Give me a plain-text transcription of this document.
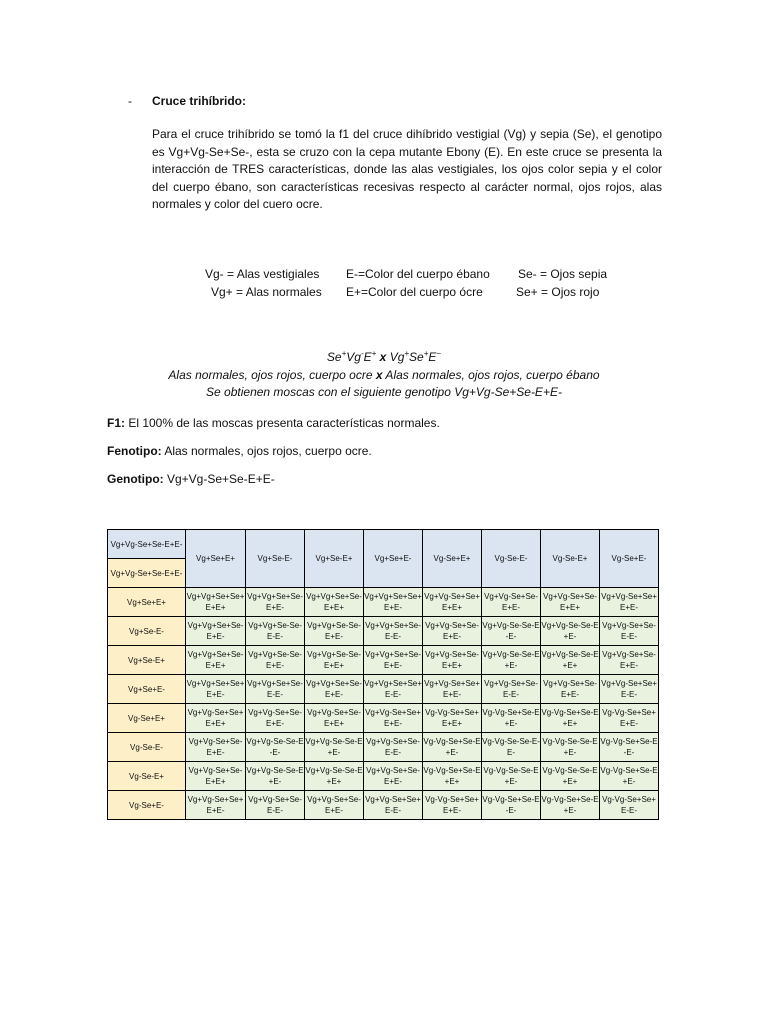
- Cruce trihíbrido:
Para el cruce trihíbrido se tomó la f1 del cruce dihíbrido vestigial (Vg) y sepia (Se), el genotipo es Vg+Vg-Se+Se-, esta se cruzo con la cepa mutante Ebony (E). En este cruce se presenta la interacción de TRES características, donde las alas vestigiales, los ojos color sepia y el color del cuerpo ébano, son características recesivas respecto al carácter normal, ojos rojos, alas normales y color del cuero ocre.
Vg- = Alas vestigiales
Vg+ = Alas normales
E-=Color del cuerpo ébano
E+=Color del cuerpo ócre
Se- = Ojos sepia
Se+ = Ojos rojo
Se+Vg-E+ x Vg+Se+E−
Alas normales, ojos rojos, cuerpo ocre x Alas normales, ojos rojos, cuerpo ébano
Se obtienen moscas con el siguiente genotipo Vg+Vg-Se+Se-E+E-
F1: El 100% de las moscas presenta características normales.
Fenotipo: Alas normales, ojos rojos, cuerpo ocre.
Genotipo: Vg+Vg-Se+Se-E+E-
Vg+Vg-Se+Se-E+E-	Vg+Se+E+	Vg+Se-E-	Vg+Se-E+	Vg+Se+E-	Vg-Se+E+	Vg-Se-E-	Vg-Se-E+	Vg-Se+E-
Vg+Vg-Se+Se-E+E-								
Vg+Se+E+	Vg+Vg+Se+Se+E+E+	Vg+Vg+Se+Se-E+E-	Vg+Vg+Se+Se-E+E+	Vg+Vg+Se+Se+E+E-	Vg+Vg-Se+Se+E+E+	Vg+Vg-Se+Se-E+E-	Vg+Vg-Se+Se-E+E+	Vg+Vg-Se+Se+E+E-
Vg+Se-E-	Vg+Vg+Se+Se-E+E-	Vg+Vg+Se-Se-E-E-	Vg+Vg+Se-Se-E+E-	Vg+Vg+Se+Se-E-E-	Vg+Vg-Se+Se-E+E-	Vg+Vg-Se-Se-E-E-	Vg+Vg-Se-Se-E+E-	Vg+Vg-Se+Se-E-E-
Vg+Se-E+	Vg+Vg+Se+Se-E+E+	Vg+Vg+Se-Se-E+E-	Vg+Vg+Se-Se-E+E+	Vg+Vg+Se+Se-E+E-	Vg+Vg-Se+Se-E+E+	Vg+Vg-Se-Se-E+E-	Vg+Vg-Se-Se-E+E+	Vg+Vg-Se+Se-E+E-
Vg+Se+E-	Vg+Vg+Se+Se+E+E-	Vg+Vg+Se+Se-E-E-	Vg+Vg+Se+Se-E+E-	Vg+Vg+Se+Se+E-E-	Vg+Vg-Se+Se+E+E-	Vg+Vg-Se+Se-E-E-	Vg+Vg-Se+Se-E+E-	Vg+Vg-Se+Se+E-E-
Vg-Se+E+	Vg+Vg-Se+Se+E+E+	Vg+Vg-Se+Se-E+E-	Vg+Vg-Se+Se-E+E+	Vg+Vg-Se+Se+E+E-	Vg-Vg-Se+Se+E+E+	Vg-Vg-Se+Se-E+E-	Vg-Vg-Se+Se-E+E+	Vg-Vg-Se+Se+E+E-
Vg-Se-E-	Vg+Vg-Se+Se-E+E-	Vg+Vg-Se-Se-E-E-	Vg+Vg-Se-Se-E+E-	Vg+Vg-Se+Se-E-E-	Vg-Vg-Se+Se-E+E-	Vg-Vg-Se-Se-E-E-	Vg-Vg-Se-Se-E+E-	Vg-Vg-Se+Se-E-E-
Vg-Se-E+	Vg+Vg-Se+Se-E+E+	Vg+Vg-Se-Se-E+E-	Vg+Vg-Se-Se-E+E+	Vg+Vg-Se+Se-E+E-	Vg-Vg-Se+Se-E+E+	Vg-Vg-Se-Se-E+E-	Vg-Vg-Se-Se-E+E+	Vg-Vg-Se+Se-E+E-
Vg-Se+E-	Vg+Vg-Se+Se+E+E-	Vg+Vg-Se+Se-E-E-	Vg+Vg-Se+Se-E+E-	Vg+Vg-Se+Se+E-E-	Vg-Vg-Se+Se+E+E-	Vg-Vg-Se+Se-E-E-	Vg-Vg-Se+Se-E+E-	Vg-Vg-Se+Se+E-E-
